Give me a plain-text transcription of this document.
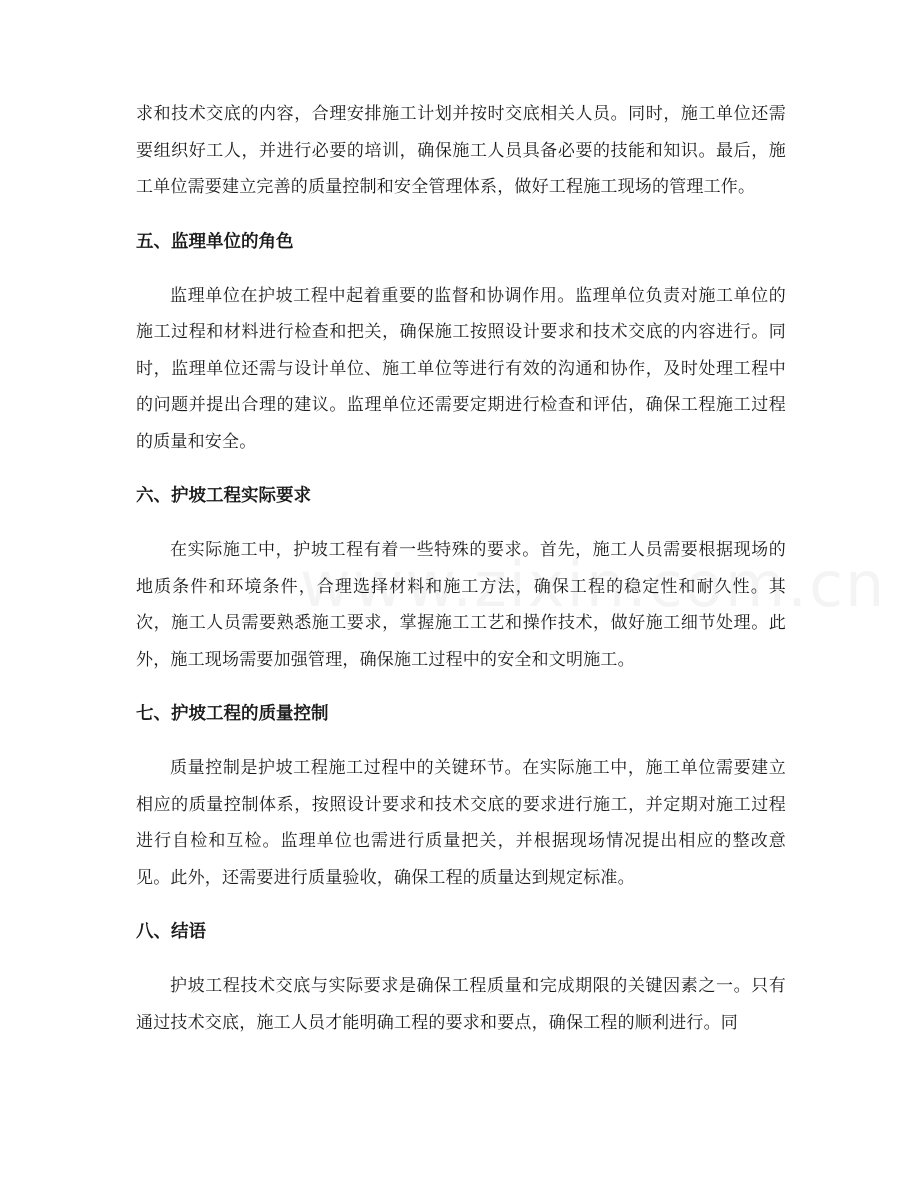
求和技术交底的内容，合理安排施工计划并按时交底相关人员。同时，施工单位还需要组织好工人，并进行必要的培训，确保施工人员具备必要的技能和知识。最后，施工单位需要建立完善的质量控制和安全管理体系，做好工程施工现场的管理工作。

五、监理单位的角色

监理单位在护坡工程中起着重要的监督和协调作用。监理单位负责对施工单位的施工过程和材料进行检查和把关，确保施工按照设计要求和技术交底的内容进行。同时，监理单位还需与设计单位、施工单位等进行有效的沟通和协作，及时处理工程中的问题并提出合理的建议。监理单位还需要定期进行检查和评估，确保工程施工过程的质量和安全。

六、护坡工程实际要求

在实际施工中，护坡工程有着一些特殊的要求。首先，施工人员需要根据现场的地质条件和环境条件，合理选择材料和施工方法，确保工程的稳定性和耐久性。其次，施工人员需要熟悉施工要求，掌握施工工艺和操作技术，做好施工细节处理。此外，施工现场需要加强管理，确保施工过程中的安全和文明施工。

七、护坡工程的质量控制

质量控制是护坡工程施工过程中的关键环节。在实际施工中，施工单位需要建立相应的质量控制体系，按照设计要求和技术交底的要求进行施工，并定期对施工过程进行自检和互检。监理单位也需进行质量把关，并根据现场情况提出相应的整改意见。此外，还需要进行质量验收，确保工程的质量达到规定标准。

八、结语

护坡工程技术交底与实际要求是确保工程质量和完成期限的关键因素之一。只有通过技术交底，施工人员才能明确工程的要求和要点，确保工程的顺利进行。同
